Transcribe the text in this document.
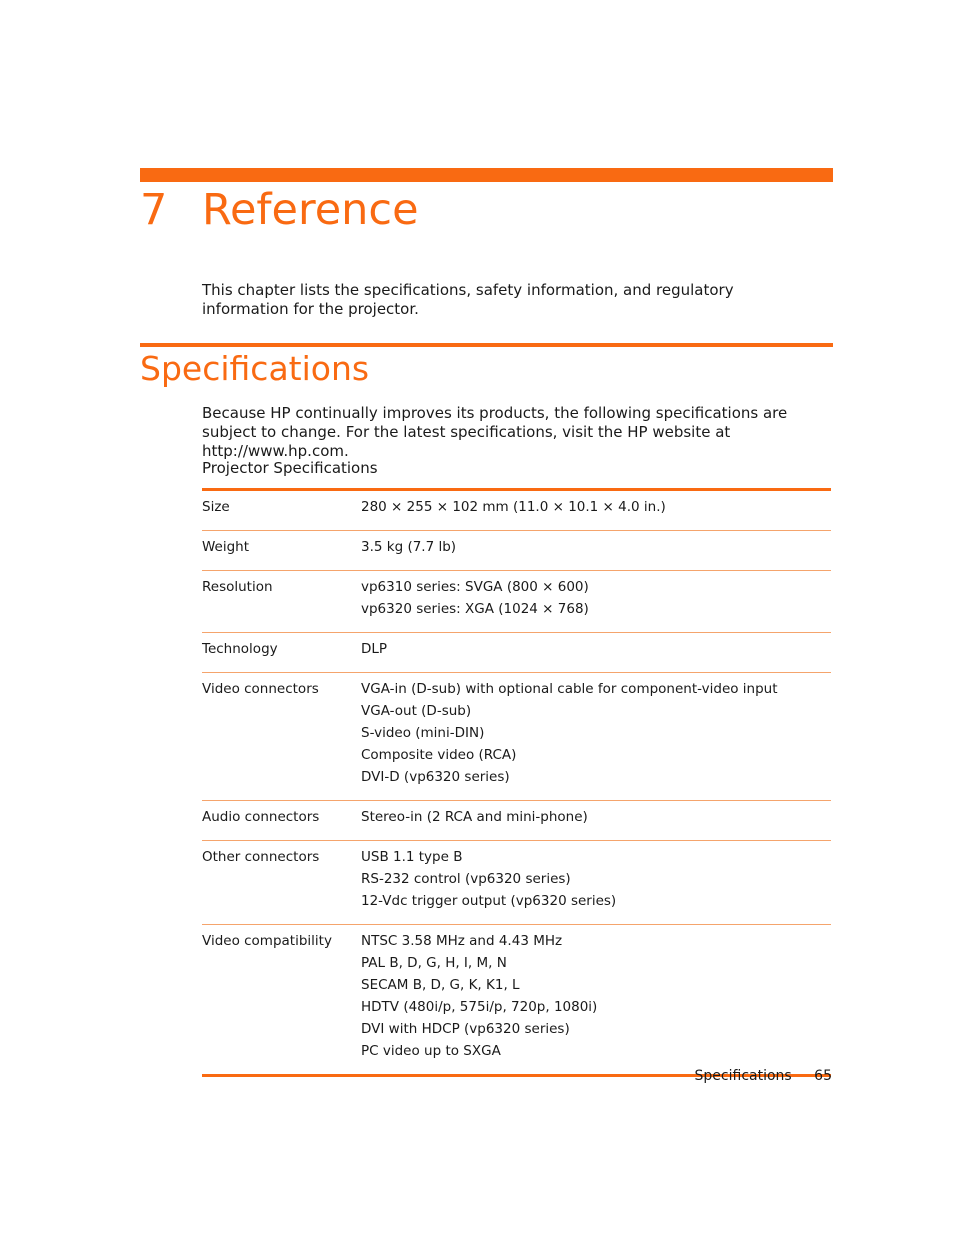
7 Reference

This chapter lists the specifications, safety information, and regulatory information for the projector.

Specifications

Because HP continually improves its products, the following specifications are subject to change. For the latest specifications, visit the HP website at http://www.hp.com.

Projector Specifications

Size	280 × 255 × 102 mm (11.0 × 10.1 × 4.0 in.)
Weight	3.5 kg (7.7 lb)
Resolution	vp6310 series: SVGA (800 × 600)
vp6320 series: XGA (1024 × 768)
Technology	DLP
Video connectors	VGA-in (D-sub) with optional cable for component-video input
VGA-out (D-sub)
S-video (mini-DIN)
Composite video (RCA)
DVI-D (vp6320 series)
Audio connectors	Stereo-in (2 RCA and mini-phone)
Other connectors	USB 1.1 type B
RS-232 control (vp6320 series)
12-Vdc trigger output (vp6320 series)
Video compatibility	NTSC 3.58 MHz and 4.43 MHz
PAL B, D, G, H, I, M, N
SECAM B, D, G, K, K1, L
HDTV (480i/p, 575i/p, 720p, 1080i)
DVI with HDCP (vp6320 series)
PC video up to SXGA
Specifications 65
